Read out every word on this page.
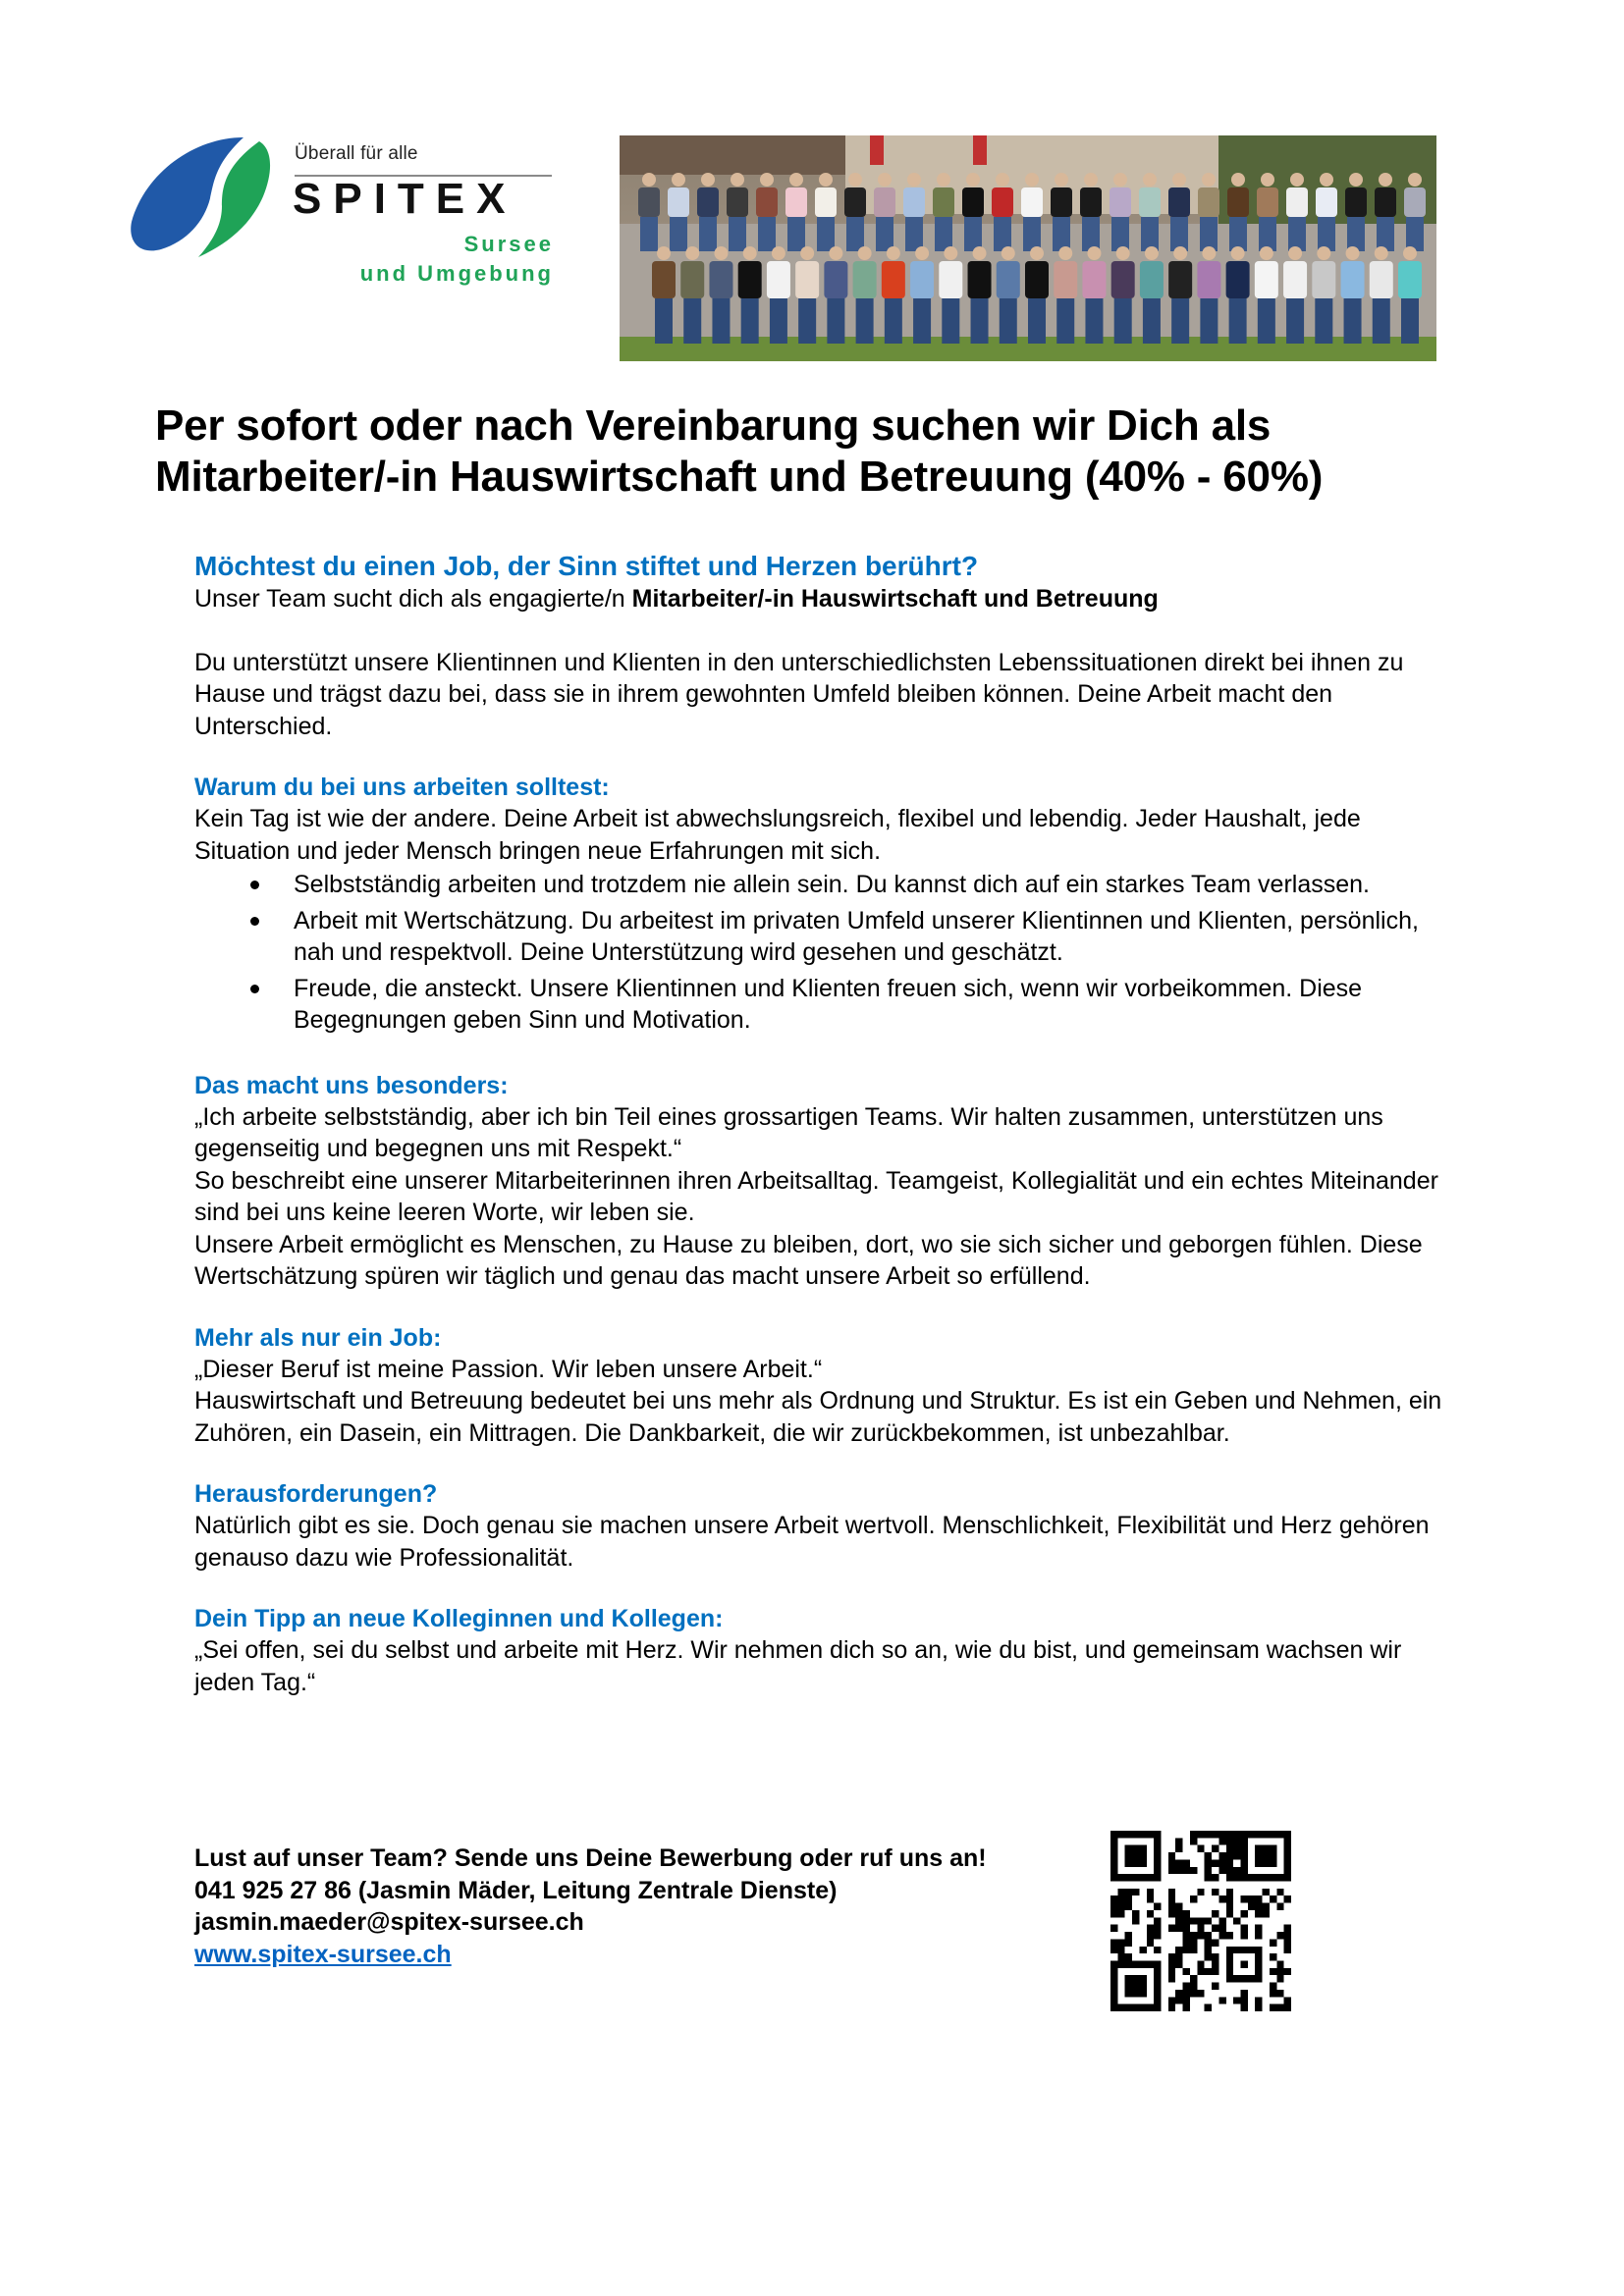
Überall für alle
SPITEX
Sursee
und Umgebung
Per sofort oder nach Vereinbarung suchen wir Dich als
Mitarbeiter/-in Hauswirtschaft und Betreuung (40% - 60%)
Möchtest du einen Job, der Sinn stiftet und Herzen berührt?

Unser Team sucht dich als engagierte/n Mitarbeiter/-in Hauswirtschaft und Betreuung

Du unterstützt unsere Klientinnen und Klienten in den unterschiedlichsten Lebenssituationen direkt bei ihnen zu Hause und trägst dazu bei, dass sie in ihrem gewohnten Umfeld bleiben können. Deine Arbeit macht den Unterschied.

Warum du bei uns arbeiten solltest:

Kein Tag ist wie der andere. Deine Arbeit ist abwechslungsreich, flexibel und lebendig. Jeder Haushalt, jede Situation und jeder Mensch bringen neue Erfahrungen mit sich.

Selbstständig arbeiten und trotzdem nie allein sein. Du kannst dich auf ein starkes Team verlassen.
Arbeit mit Wertschätzung. Du arbeitest im privaten Umfeld unserer Klientinnen und Klienten, persönlich, nah und respektvoll. Deine Unterstützung wird gesehen und geschätzt.
Freude, die ansteckt. Unsere Klientinnen und Klienten freuen sich, wenn wir vorbeikommen. Diese Begegnungen geben Sinn und Motivation.
Das macht uns besonders:

„Ich arbeite selbstständig, aber ich bin Teil eines grossartigen Teams. Wir halten zusammen, unterstützen uns gegenseitig und begegnen uns mit Respekt.“

So beschreibt eine unserer Mitarbeiterinnen ihren Arbeitsalltag. Teamgeist, Kollegialität und ein echtes Miteinander sind bei uns keine leeren Worte, wir leben sie.

Unsere Arbeit ermöglicht es Menschen, zu Hause zu bleiben, dort, wo sie sich sicher und geborgen fühlen. Diese Wertschätzung spüren wir täglich und genau das macht unsere Arbeit so erfüllend.

Mehr als nur ein Job:

„Dieser Beruf ist meine Passion. Wir leben unsere Arbeit.“

Hauswirtschaft und Betreuung bedeutet bei uns mehr als Ordnung und Struktur. Es ist ein Geben und Nehmen, ein Zuhören, ein Dasein, ein Mittragen. Die Dankbarkeit, die wir zurückbekommen, ist unbezahlbar.

Herausforderungen?

Natürlich gibt es sie. Doch genau sie machen unsere Arbeit wertvoll. Menschlichkeit, Flexibilität und Herz gehören genauso dazu wie Professionalität.

Dein Tipp an neue Kolleginnen und Kollegen:

„Sei offen, sei du selbst und arbeite mit Herz. Wir nehmen dich so an, wie du bist, und gemeinsam wachsen wir jeden Tag.“

Lust auf unser Team? Sende uns Deine Bewerbung oder ruf uns an!
041 925 27 86 (Jasmin Mäder, Leitung Zentrale Dienste)
jasmin.maeder@spitex-sursee.ch
www.spitex-sursee.ch
